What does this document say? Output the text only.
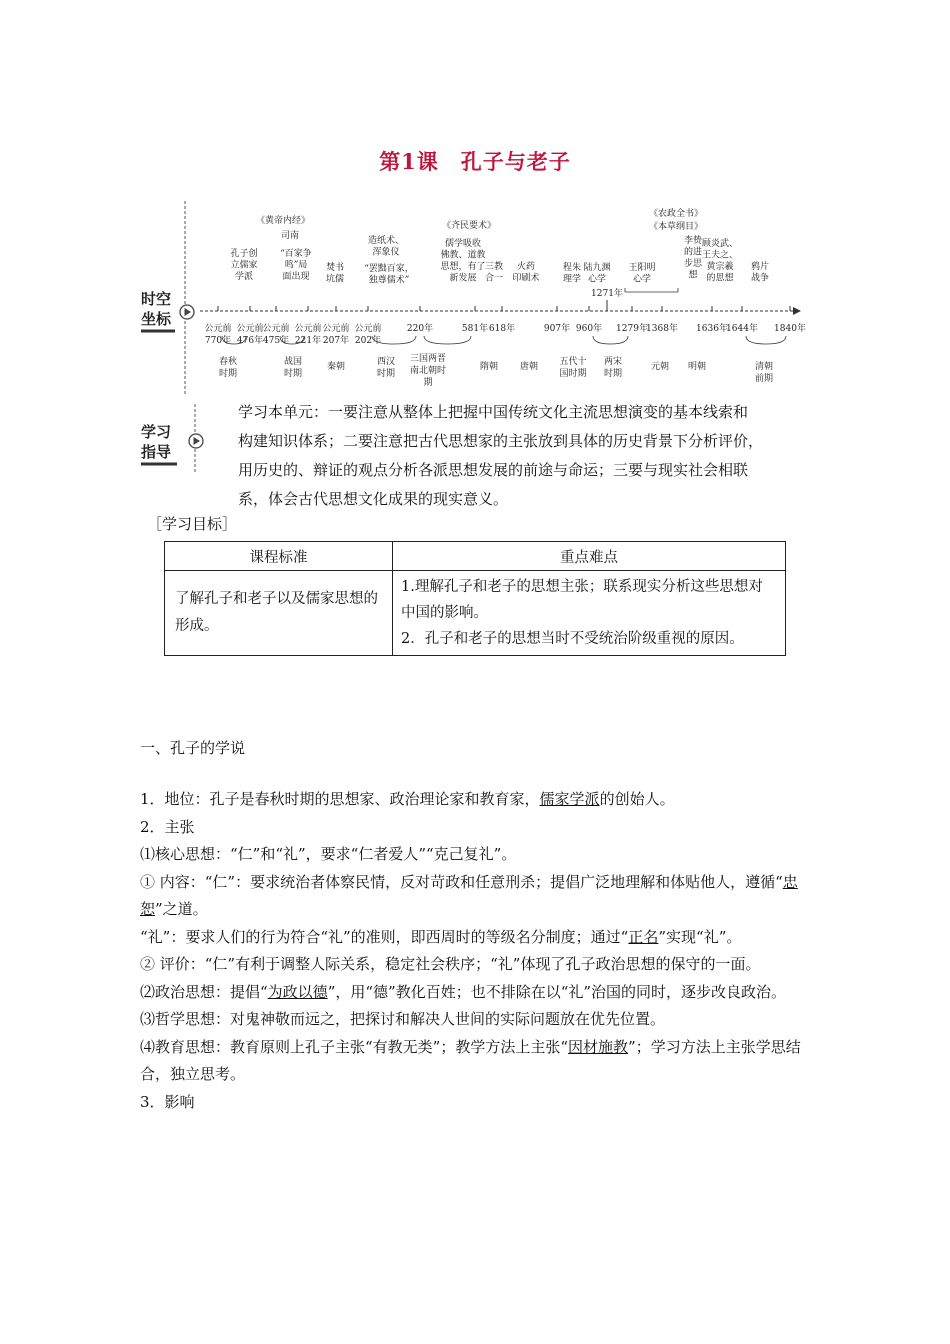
第1课　孔子与老子
时空
坐标
公元前 770年
公元前 476年
公元前 475年
公元前 221年
公元前 207年
公元前 202年
220年	581年 618年	907年 960年 1279年
1368年 1636年
1644年 1840年
1271年
春秋时期
战国时期
秦朝	西汉时期
三国两晋南北朝时期
隋朝 唐朝 五代十国时期
两宋时期
元朝 明朝	清朝前期
孔子创立儒家学派
《黄帝内经》
司南
“百家争鸣”局面出现
焚书坑儒
造纸术、浑象仪
“罢黜百家，独尊儒术”
《齐民要术》
儒学吸收佛教、道教思想，有了新发展
三教合一
火药印刷术
程朱理学
陆九渊心学
王阳明心学
《农政全书》
《本草纲目》
李贽的进步思想
顾炎武、王夫之、黄宗羲的思想
鸦片战争
学习
指导

学习本单元：一要注意从整体上把握中国传统文化主流思想演变的基本线索和

构建知识体系；二要注意把古代思想家的主张放到具体的历史背景下分析评价，

用历史的、辩证的观点分析各派思想发展的前途与命运；三要与现实社会相联

系，体会古代思想文化成果的现实意义。

［学习目标］
课程标准	重点难点
了解孔子和老子以及儒家思想的形成。	1.理解孔子和老子的思想主张；联系现实分析这些思想对中国的影响。
2．孔子和老子的思想当时不受统治阶级重视的原因。
一、孔子的学说

1．地位：孔子是春秋时期的思想家、政治理论家和教育家，儒家学派的创始人。

2．主张

⑴核心思想：“仁”和“礼”，要求“仁者爱人”“克己复礼”。

① 内容：“仁”：要求统治者体察民情，反对苛政和任意刑杀；提倡广泛地理解和体贴他人，遵循“忠恕”之道。

“礼”：要求人们的行为符合“礼”的准则，即西周时的等级名分制度；通过“正名”实现“礼”。

② 评价：“仁”有利于调整人际关系，稳定社会秩序；“礼”体现了孔子政治思想的保守的一面。

⑵政治思想：提倡“为政以德”，用“德”教化百姓；也不排除在以“礼”治国的同时，逐步改良政治。

⑶哲学思想：对鬼神敬而远之，把探讨和解决人世间的实际问题放在优先位置。

⑷教育思想：教育原则上孔子主张“有教无类”；教学方法上主张“因材施教”；学习方法上主张学思结合，独立思考。

3．影响
